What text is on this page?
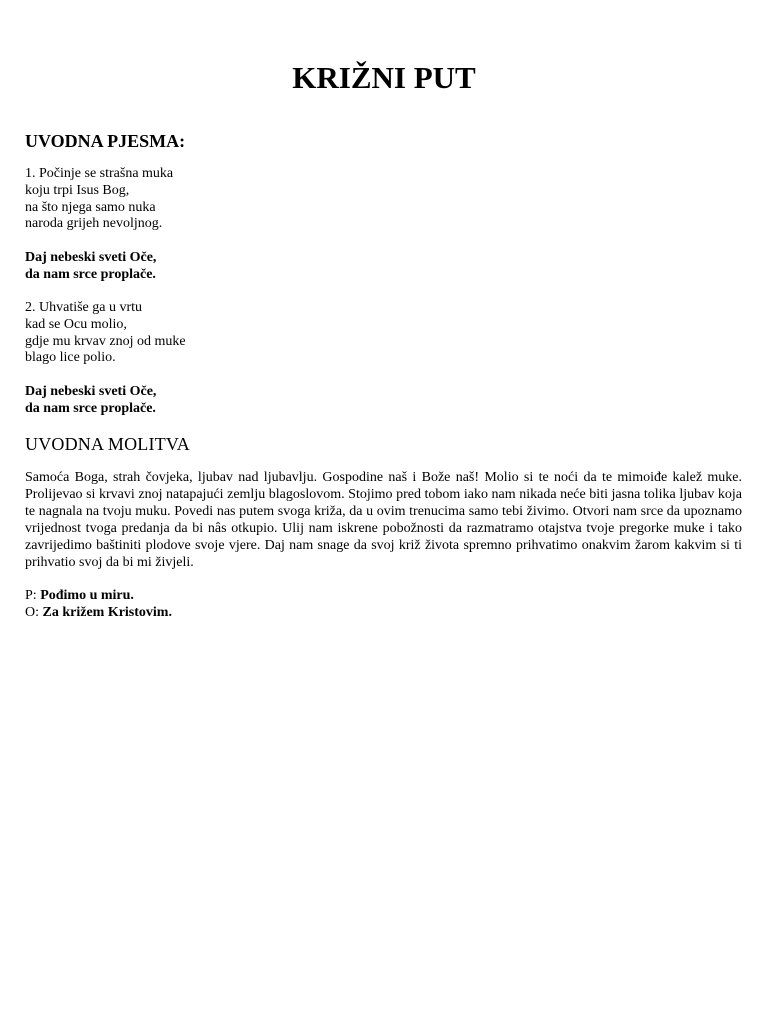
KRIŽNI PUT
UVODNA PJESMA:
1. Počinje se strašna muka
koju trpi Isus Bog,
na što njega samo nuka
naroda grijeh nevoljnog.
Daj nebeski sveti Oče,
da nam srce proplače.
2. Uhvatiše ga u vrtu
kad se Ocu molio,
gdje mu krvav znoj od muke
blago lice polio.
Daj nebeski sveti Oče,
da nam srce proplače.
UVODNA MOLITVA

Samoća Boga, strah čovjeka, ljubav nad ljubavlju. Gospodine naš i Bože naš! Molio si te noći da te mimoiđe kalež muke. Prolijevao si krvavi znoj natapajući zemlju blagoslovom. Stojimo pred tobom iako nam nikada neće biti jasna tolika ljubav koja te nagnala na tvoju muku. Povedi nas putem svoga križa, da u ovim trenucima samo tebi živimo. Otvori nam srce da upoznamo vrijednost tvoga predanja da bi nâs otkupio. Ulij nam iskrene pobožnosti da razmatramo otajstva tvoje pregorke muke i tako zavrijedimo baštiniti plodove svoje vjere. Daj nam snage da svoj križ života spremno prihvatimo onakvim žarom kakvim si ti prihvatio svoj da bi mi živjeli.

P: Pođimo u miru.
O: Za križem Kristovim.
